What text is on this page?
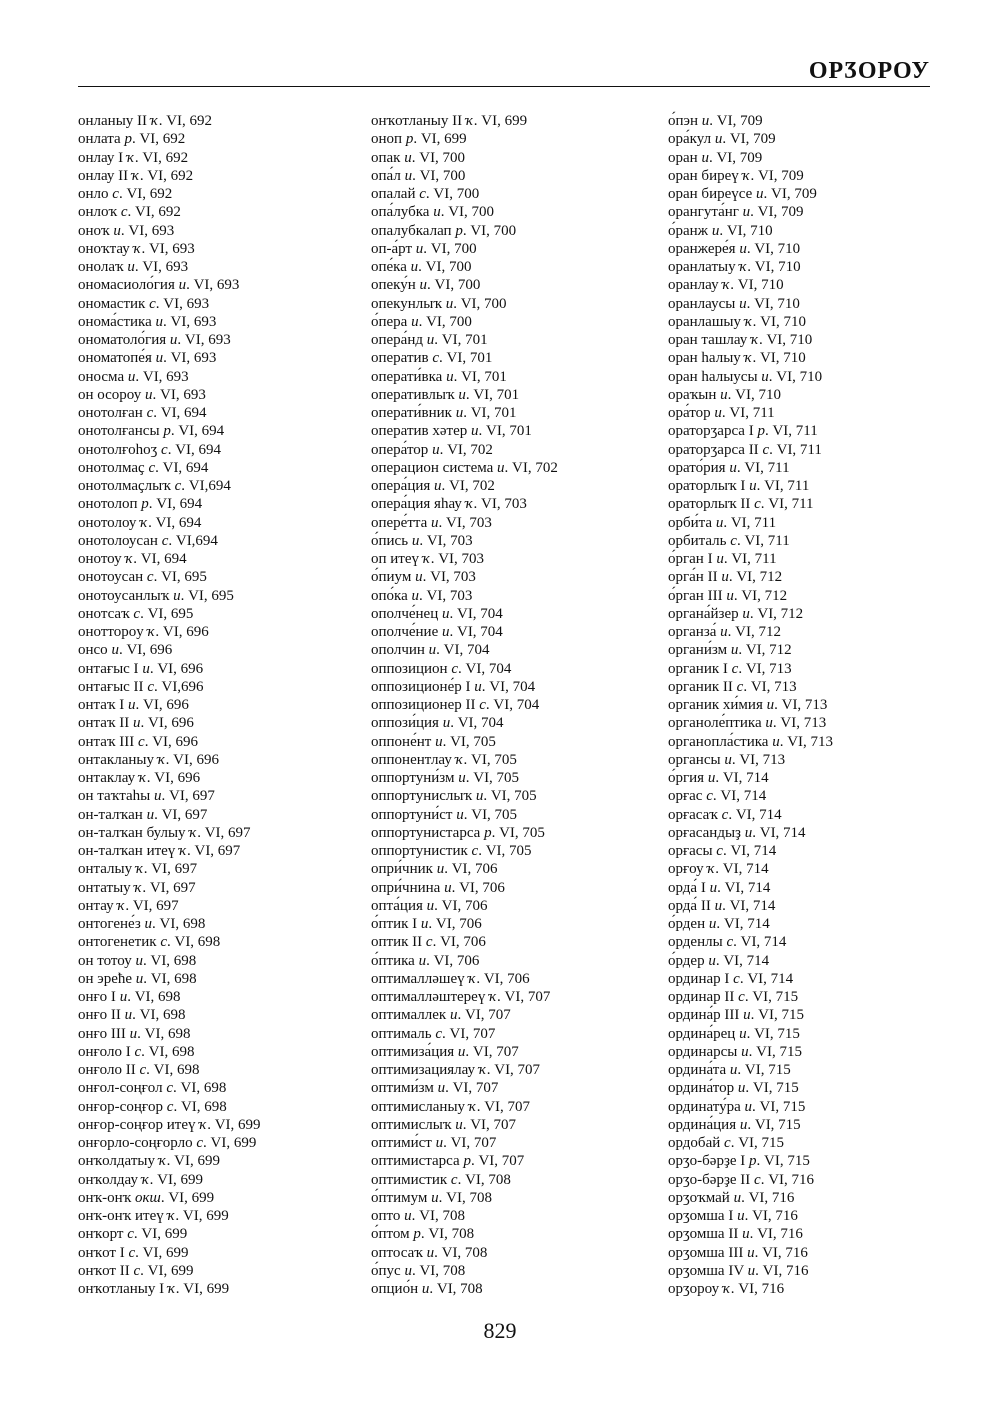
ОРӠОРОУ
онланыу II ҡ. VI, 692
онлата р. VI, 692
онлау I ҡ. VI, 692
онлау II ҡ. VI, 692
онло с. VI, 692
онлоҡ с. VI, 692
оноҡ и. VI, 693
оноҡтау ҡ. VI, 693
онолаҡ и. VI, 693
ономасиоло́гия и. VI, 693
ономастик с. VI, 693
онома́стика и. VI, 693
ономатоло́гия и. VI, 693
ономатопе́я и. VI, 693
оносма и. VI, 693
он осороу и. VI, 693
онотолған с. VI, 694
онотолғансы р. VI, 694
онотолғоһоӡ с. VI, 694
онотолмаҫ с. VI, 694
онотолмаҫлыҡ с. VI,694
онотолоп р. VI, 694
онотолоу ҡ. VI, 694
онотолоусан с. VI,694
онотоу ҡ. VI, 694
онотоусан с. VI, 695
онотоусанлыҡ и. VI, 695
онотсаҡ с. VI, 695
онотторoу ҡ. VI, 696
онсо и. VI, 696
онтағыс I и. VI, 696
онтағыс II с. VI,696
онтаҡ I и. VI, 696
онтаҡ II и. VI, 696
онтаҡ III с. VI, 696
онтакланыу ҡ. VI, 696
онтаклау ҡ. VI, 696
он таҡтаһы и. VI, 697
он-талҡан и. VI, 697
он-талҡан булыу ҡ. VI, 697
он-талҡан итеү ҡ. VI, 697
онталыу ҡ. VI, 697
онтатыу ҡ. VI, 697
онтау ҡ. VI, 697
онтогене́з и. VI, 698
онтогенетик с. VI, 698
он тотоу и. VI, 698
он эреће и. VI, 698
онғо I и. VI, 698
онғо II и. VI, 698
онғо III и. VI, 698
онғоло I с. VI, 698
онғоло II с. VI, 698
онғол-соңғол с. VI, 698
онғор-соңғор с. VI, 698
онғор-соңғор итеү ҡ. VI, 699
онғорло-соңғорло с. VI, 699
онҡолдатыу ҡ. VI, 699
онҡолдау ҡ. VI, 699
онҡ-онҡ окш. VI, 699
онҡ-онҡ итеү ҡ. VI, 699
онҡорт с. VI, 699
онҡот I с. VI, 699
онҡот II с. VI, 699
онҡотланыу I ҡ. VI, 699
онҡотланыу II ҡ. VI, 699
оноп р. VI, 699
опак и. VI, 700
опа́л и. VI, 700
опалай с. VI, 700
опа́лубка и. VI, 700
опалубкалап р. VI, 700
оп-а́рт и. VI, 700
опе́ка и. VI, 700
опеку́н и. VI, 700
опекунлыҡ и. VI, 700
о́пера и. VI, 700
опера́нд и. VI, 701
оператив с. VI, 701
операти́вка и. VI, 701
оперативлыҡ и. VI, 701
операти́вник и. VI, 701
оператив хәтер и. VI, 701
опера́тор и. VI, 702
операцион система и. VI, 702
опера́ция и. VI, 702
опера́ция яһау ҡ. VI, 703
опере́тта и. VI, 703
о́пись и. VI, 703
оп итеү ҡ. VI, 703
о́пиум и. VI, 703
опо́ка и. VI, 703
ополче́нец и. VI, 704
ополче́ние и. VI, 704
ополчин и. VI, 704
оппозицион с. VI, 704
оппозиционе́р I и. VI, 704
оппозиционер II с. VI, 704
оппози́ция и. VI, 704
оппоне́нт и. VI, 705
оппонентлау ҡ. VI, 705
оппортуни́зм и. VI, 705
оппортунислыҡ и. VI, 705
оппортуни́ст и. VI, 705
оппортунистарса р. VI, 705
оппортунистик с. VI, 705
опри́чник и. VI, 706
опри́чнина и. VI, 706
опта́ция и. VI, 706
о́птик I и. VI, 706
оптик II с. VI, 706
о́птика и. VI, 706
оптималләшеү ҡ. VI, 706
оптималләштереү ҡ. VI, 707
оптималлек и. VI, 707
оптималь с. VI, 707
оптимиза́ция и. VI, 707
оптимизациялау ҡ. VI, 707
оптими́зм и. VI, 707
оптимисланыу ҡ. VI, 707
оптимислыҡ и. VI, 707
оптими́ст и. VI, 707
оптимистарса р. VI, 707
оптимистик с. VI, 708
о́птимум и. VI, 708
опто и. VI, 708
о́птом р. VI, 708
оптосаҡ и. VI, 708
о́пус и. VI, 708
опцио́н и. VI, 708
о́пэн и. VI, 709
ора́кул и. VI, 709
оран и. VI, 709
оран биреү ҡ. VI, 709
оран биреүсе и. VI, 709
орангута́нг и. VI, 709
о́ранж и. VI, 710
оранжере́я и. VI, 710
оранлатыу ҡ. VI, 710
оранлау ҡ. VI, 710
оранлаусы и. VI, 710
оранлашыу ҡ. VI, 710
оран ташлау ҡ. VI, 710
оран һалыу ҡ. VI, 710
оран һалыусы и. VI, 710
ораҡын и. VI, 710
ора́тор и. VI, 711
ораторӡарса I р. VI, 711
ораторӡарса II с. VI, 711
орато́рия и. VI, 711
ораторлыҡ I и. VI, 711
ораторлыҡ II с. VI, 711
орби́та и. VI, 711
орбиталь с. VI, 711
о́рган I и. VI, 711
орга́н II и. VI, 712
о́рган III и. VI, 712
органа́йзер и. VI, 712
органза́ и. VI, 712
органи́зм и. VI, 712
органик I с. VI, 713
органик II с. VI, 713
органик хи́мия и. VI, 713
органоле́птика и. VI, 713
органопла́стика и. VI, 713
органсы и. VI, 713
о́ргия и. VI, 714
орғас с. VI, 714
орғасаҡ с. VI, 714
орғасандыҙ и. VI, 714
орғасы с. VI, 714
орғоу ҡ. VI, 714
орда́ I и. VI, 714
орда́ II и. VI, 714
о́рден и. VI, 714
орденлы с. VI, 714
о́рдер и. VI, 714
ординар I с. VI, 714
ординар II с. VI, 715
ордина́р III и. VI, 715
ордина́рец и. VI, 715
ординарсы и. VI, 715
ордина́та и. VI, 715
ордина́тор и. VI, 715
ординату́ра и. VI, 715
ордина́ция и. VI, 715
ордобай с. VI, 715
орӡо-бәрҙе I р. VI, 715
орӡо-бәрҙе II с. VI, 716
орӡоҡмай и. VI, 716
орӡомша I и. VI, 716
орӡомша II и. VI, 716
орӡомша III и. VI, 716
орӡомша IV и. VI, 716
орӡороу ҡ. VI, 716
829
